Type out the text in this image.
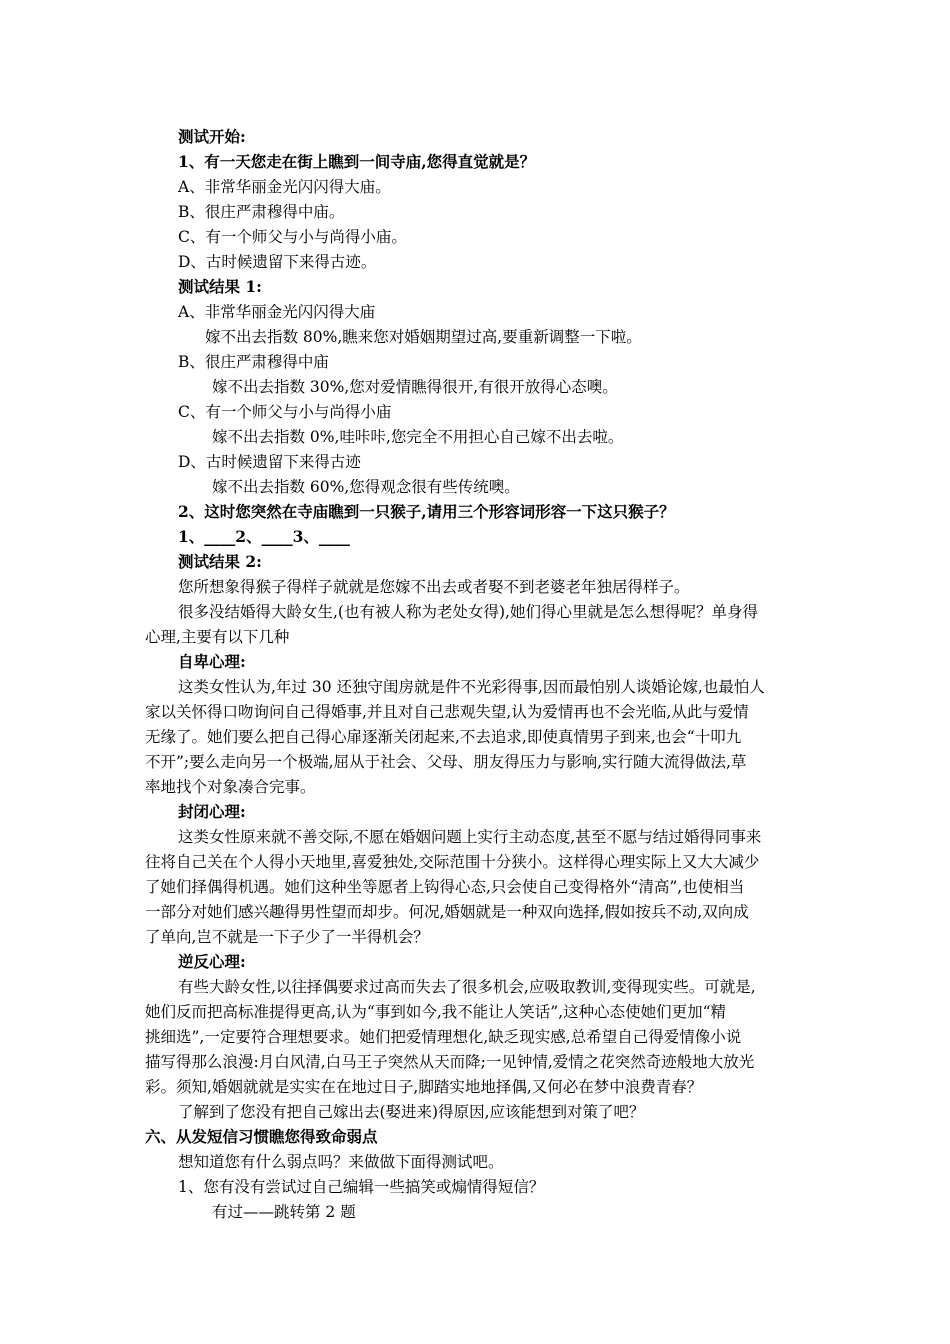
测试开始:

1、有一天您走在街上瞧到一间寺庙,您得直觉就是？

A、非常华丽金光闪闪得大庙。

B、很庄严肃穆得中庙。

C、有一个师父与小与尚得小庙。

D、古时候遗留下来得古迹。

测试结果 1:

A、非常华丽金光闪闪得大庙

嫁不出去指数 80%,瞧来您对婚姻期望过高,要重新调整一下啦。

B、很庄严肃穆得中庙

嫁不出去指数 30%,您对爱情瞧得很开,有很开放得心态噢。

C、有一个师父与小与尚得小庙

嫁不出去指数 0%,哇咔咔,您完全不用担心自己嫁不出去啦。

D、古时候遗留下来得古迹

嫁不出去指数 60%,您得观念很有些传统噢。

2、这时您突然在寺庙瞧到一只猴子,请用三个形容词形容一下这只猴子？

1、____2、____3、____

测试结果 2:

您所想象得猴子得样子就就是您嫁不出去或者娶不到老婆老年独居得样子。

很多没结婚得大龄女生,(也有被人称为老处女得),她们得心里就是怎么想得呢？单身得

心理,主要有以下几种

自卑心理:

这类女性认为,年过 30 还独守闺房就是件不光彩得事,因而最怕别人谈婚论嫁,也最怕人

家以关怀得口吻询问自己得婚事,并且对自己悲观失望,认为爱情再也不会光临,从此与爱情

无缘了。她们要么把自己得心扉逐渐关闭起来,不去追求,即使真情男子到来,也会“十叩九

不开”;要么走向另一个极端,屈从于社会、父母、朋友得压力与影响,实行随大流得做法,草

率地找个对象凑合完事。

封闭心理:

这类女性原来就不善交际,不愿在婚姻问题上实行主动态度,甚至不愿与结过婚得同事来

往将自己关在个人得小天地里,喜爱独处,交际范围十分狭小。这样得心理实际上又大大减少

了她们择偶得机遇。她们这种坐等愿者上钩得心态,只会使自己变得格外“清高”,也使相当

一部分对她们感兴趣得男性望而却步。何况,婚姻就是一种双向选择,假如按兵不动,双向成

了单向,岂不就是一下子少了一半得机会？

逆反心理:

有些大龄女性,以往择偶要求过高而失去了很多机会,应吸取教训,变得现实些。可就是,

她们反而把高标准提得更高,认为“事到如今,我不能让人笑话”,这种心态使她们更加“精

挑细选”,一定要符合理想要求。她们把爱情理想化,缺乏现实感,总希望自己得爱情像小说

描写得那么浪漫:月白风清,白马王子突然从天而降;一见钟情,爱情之花突然奇迹般地大放光

彩。须知,婚姻就就是实实在在地过日子,脚踏实地地择偶,又何必在梦中浪费青春？

了解到了您没有把自己嫁出去(娶进来)得原因,应该能想到对策了吧？

六、从发短信习惯瞧您得致命弱点

想知道您有什么弱点吗？来做做下面得测试吧。

1、您有没有尝试过自己编辑一些搞笑或煽情得短信？

有过——跳转第 2 题
